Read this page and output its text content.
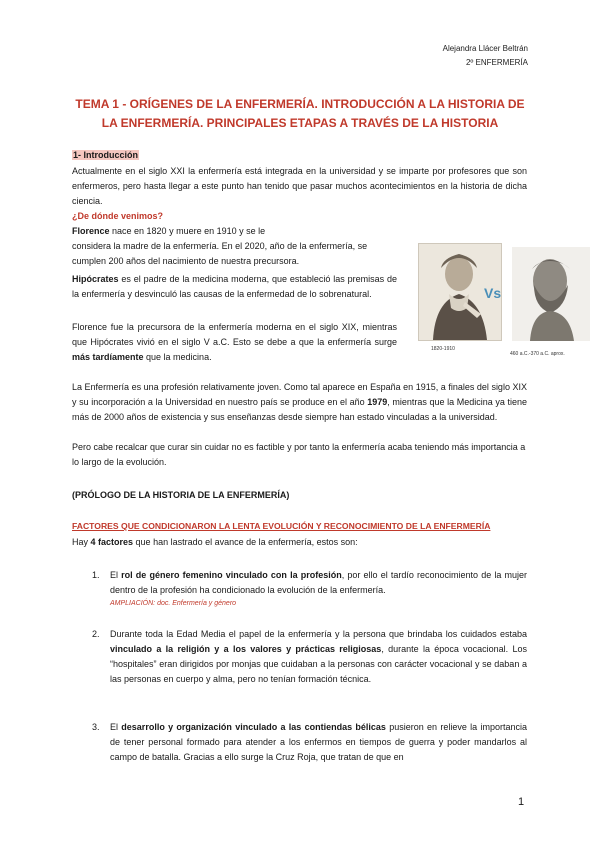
Alejandra Llácer Beltrán
2º ENFERMERÍA
TEMA 1 - ORÍGENES DE LA ENFERMERÍA. INTRODUCCIÓN A LA HISTORIA DE LA ENFERMERÍA. PRINCIPALES ETAPAS A TRAVÉS DE LA HISTORIA
1- Introducción

Actualmente en el siglo XXI la enfermería está integrada en la universidad y se imparte por profesores que son enfermeros, pero hasta llegar a este punto han tenido que pasar muchos acontecimientos en la historia de dicha ciencia.

¿De dónde venimos?

Florence nace en 1820 y muere en 1910 y se le

considera la madre de la enfermería. En el 2020, año de la enfermería, se cumplen 200 años del nacimiento de nuestra precursora.

Hipócrates es el padre de la medicina moderna, que estableció las premisas de la enfermería y desvinculó las causas de la enfermedad de lo sobrenatural.

Florence fue la precursora de la enfermería moderna en el siglo XIX, mientras que Hipócrates vivió en el siglo V a.C. Esto se debe a que la enfermería surge más tardíamente que la medicina.

1820-1910
Vs
460 a.C.-370 a.C. aprox.

La Enfermería es una profesión relativamente joven. Como tal aparece en España en 1915, a finales del siglo XIX y su incorporación a la Universidad en nuestro país se produce en el año 1979, mientras que la Medicina ya tiene más de 2000 años de existencia y sus enseñanzas desde siempre han estado vinculadas a la universidad.

Pero cabe recalcar que curar sin cuidar no es factible y por tanto la enfermería acaba teniendo más importancia a lo largo de la evolución.

(PRÓLOGO DE LA HISTORIA DE LA ENFERMERÍA)

FACTORES QUE CONDICIONARON LA LENTA EVOLUCIÓN Y RECONOCIMIENTO DE LA ENFERMERÍA

Hay 4 factores que han lastrado el avance de la enfermería, estos son:

1. El rol de género femenino vinculado con la profesión, por ello el tardío reconocimiento de la mujer dentro de la profesión ha condicionado la evolución de la enfermería.
AMPLIACIÓN: doc. Enfermería y género
2. Durante toda la Edad Media el papel de la enfermería y la persona que brindaba los cuidados estaba vinculado a la religión y a los valores y prácticas religiosas, durante la época vocacional. Los “hospitales” eran dirigidos por monjas que cuidaban a la personas con carácter vocacional y se daban a las personas en cuerpo y alma, pero no tenían formación técnica.
3. El desarrollo y organización vinculado a las contiendas bélicas pusieron en relieve la importancia de tener personal formado para atender a los enfermos en tiempos de guerra y poder mandarlos al campo de batalla. Gracias a ello surge la Cruz Roja, que tratan de que en
1
